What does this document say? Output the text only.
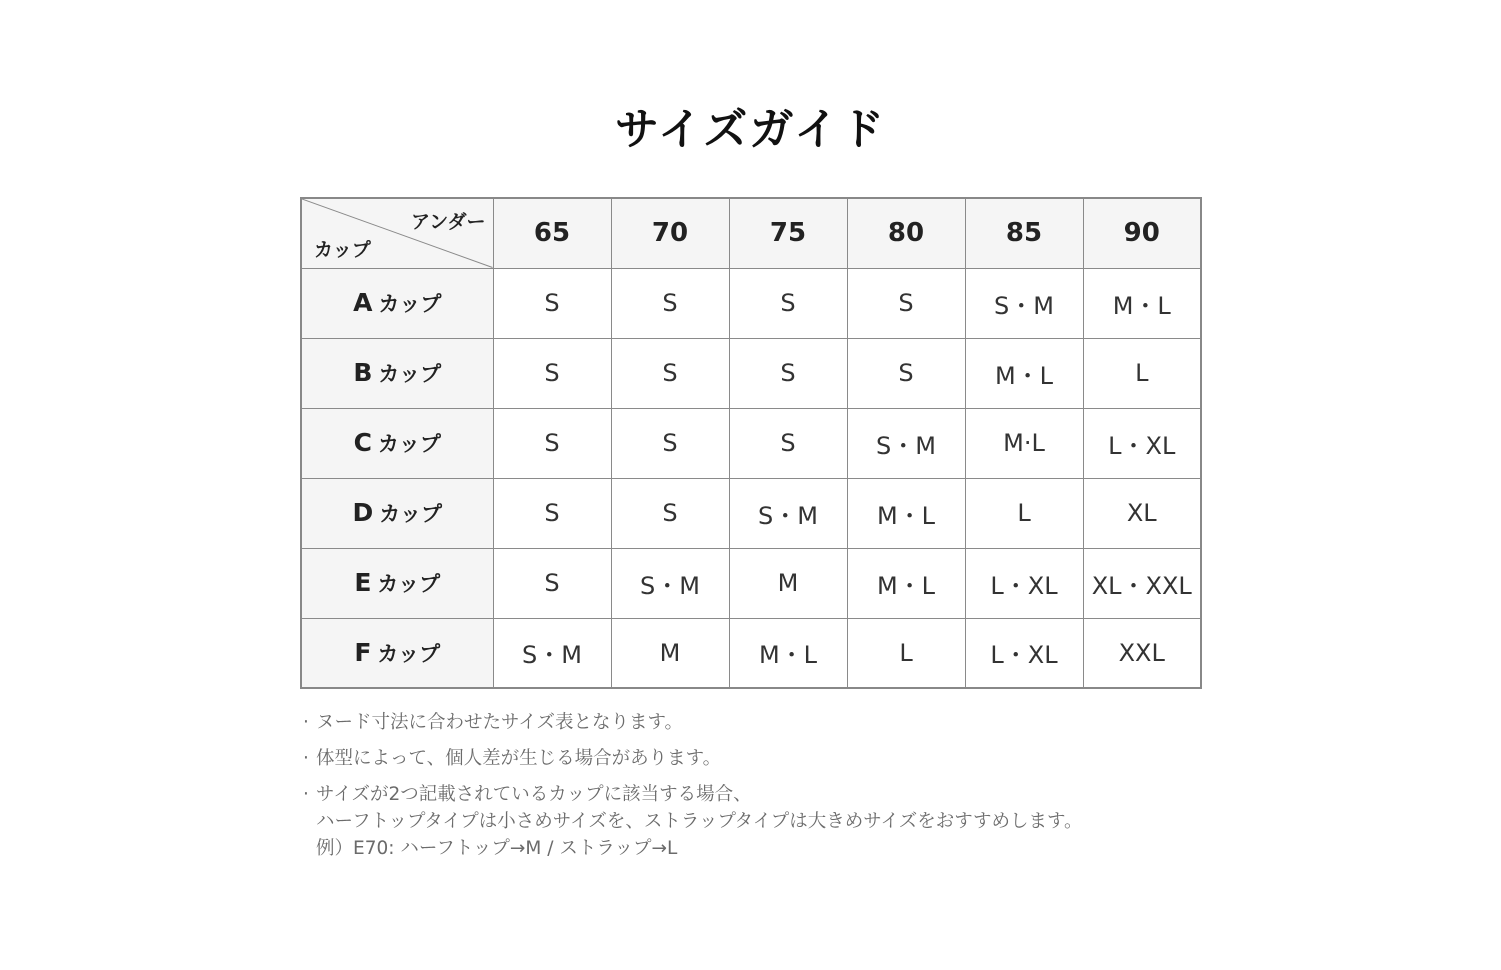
サイズガイド
アンダー
カップ	65	70	75	80	85	90
A カップ	S	S	S	S	S・M	M・L
B カップ	S	S	S	S	M・L	L
C カップ	S	S	S	S・M	M·L	L・XL
D カップ	S	S	S・M	M・L	L	XL
E カップ	S	S・M	M	M・L	L・XL	XL・XXL
F カップ	S・M	M	M・L	L	L・XL	XXL
· ヌード寸法に合わせたサイズ表となります。
· 体型によって、個人差が生じる場合があります。
· サイズが2つ記載されているカップに該当する場合、
ハーフトップタイプは小さめサイズを、ストラップタイプは大きめサイズをおすすめします。
例）E70: ハーフトップ→M / ストラップ→L
